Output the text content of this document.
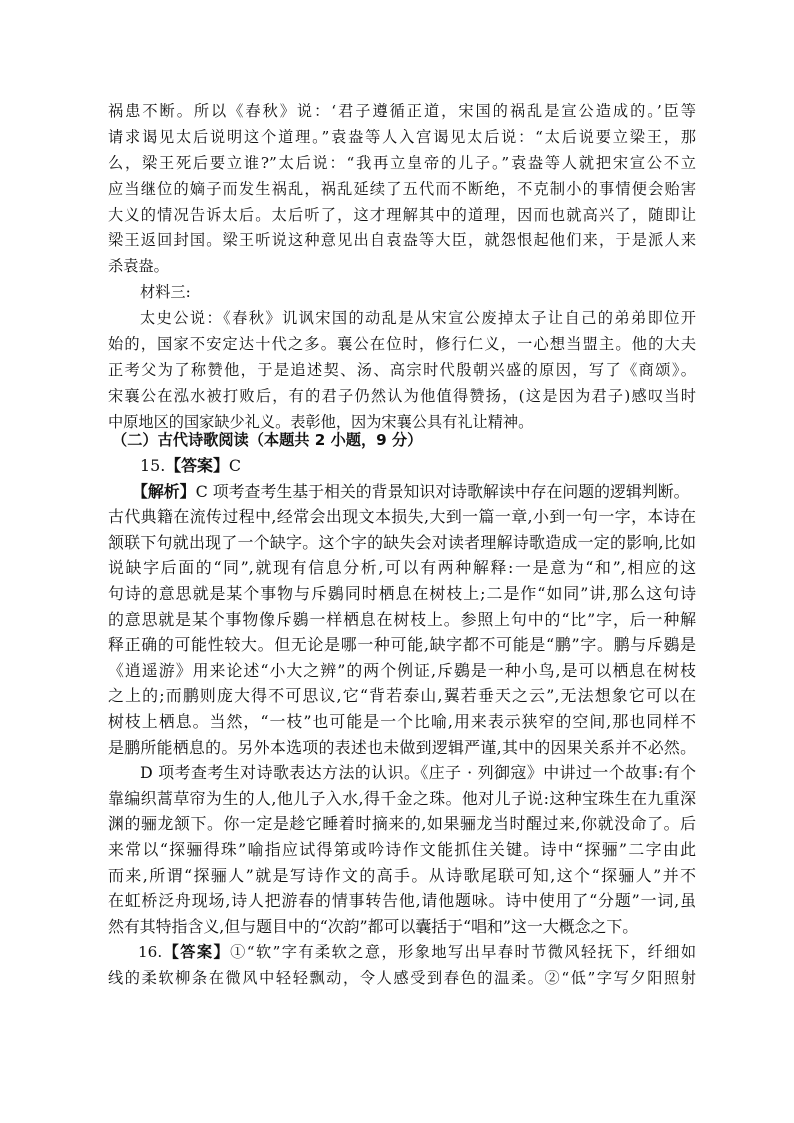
祸患不断。所以《春秋》说：‘君子遵循正道，宋国的祸乱是宣公造成的。’臣等
请求谒见太后说明这个道理。”袁盎等人入宫谒见太后说：“太后说要立梁王，那
么，梁王死后要立谁?”太后说：“我再立皇帝的儿子。”袁盎等人就把宋宣公不立
应当继位的嫡子而发生祸乱，祸乱延续了五代而不断绝，不克制小的事情便会贻害
大义的情况告诉太后。太后听了，这才理解其中的道理，因而也就高兴了，随即让
梁王返回封国。梁王听说这种意见出自袁盎等大臣，就怨恨起他们来，于是派人来
杀袁盎。
材料三:
太史公说：《春秋》讥讽宋国的动乱是从宋宣公废掉太子让自己的弟弟即位开
始的，国家不安定达十代之多。襄公在位时，修行仁义，一心想当盟主。他的大夫
正考父为了称赞他，于是追述契、汤、高宗时代殷朝兴盛的原因，写了《商颂》。
宋襄公在泓水被打败后，有的君子仍然认为他值得赞扬，(这是因为君子)感叹当时
中原地区的国家缺少礼义。表彰他，因为宋襄公具有礼让精神。
（二）古代诗歌阅读（本题共 2 小题，9 分）
15.【答案】C
【解析】C 项考查考生基于相关的背景知识对诗歌解读中存在问题的逻辑判断。
古代典籍在流传过程中,经常会出现文本损失,大到一篇一章,小到一句一字，本诗在
颔联下句就出现了一个缺字。这个字的缺失会对读者理解诗歌造成一定的影响,比如
说缺字后面的“同”,就现有信息分析,可以有两种解释:一是意为“和”,相应的这
句诗的意思就是某个事物与斥鷃同时栖息在树枝上;二是作“如同”讲,那么这句诗
的意思就是某个事物像斥鷃一样栖息在树枝上。参照上句中的“比”字，后一种解
释正确的可能性较大。但无论是哪一种可能,缺字都不可能是“鹏”字。鹏与斥鷃是
《逍遥游》用来论述“小大之辨”的两个例证,斥鷃是一种小鸟,是可以栖息在树枝
之上的;而鹏则庞大得不可思议,它“背若泰山,翼若垂天之云”,无法想象它可以在
树枝上栖息。当然，“一枝”也可能是一个比喻,用来表示狭窄的空间,那也同样不
是鹏所能栖息的。另外本选项的表述也未做到逻辑严谨,其中的因果关系并不必然。
D 项考查考生对诗歌表达方法的认识。《庄子 · 列御寇》中讲过一个故事:有个
靠编织蒿草帘为生的人,他儿子入水,得千金之珠。他对儿子说:这种宝珠生在九重深
渊的骊龙颔下。你一定是趁它睡着时摘来的,如果骊龙当时醒过来,你就没命了。后
来常以“探骊得珠”喻指应试得第或吟诗作文能抓住关键。诗中“探骊”二字由此
而来,所谓“探骊人”就是写诗作文的高手。从诗歌尾联可知,这个“探骊人”并不
在虹桥泛舟现场,诗人把游春的情事转告他,请他题咏。诗中使用了“分题”一词,虽
然有其特指含义,但与题目中的“次韵”都可以囊括于“唱和”这一大概念之下。
16.【答案】①“软”字有柔软之意，形象地写出早春时节微风轻抚下，纤细如
线的柔软柳条在微风中轻轻飘动，令人感受到春色的温柔。②“低”字写夕阳照射
